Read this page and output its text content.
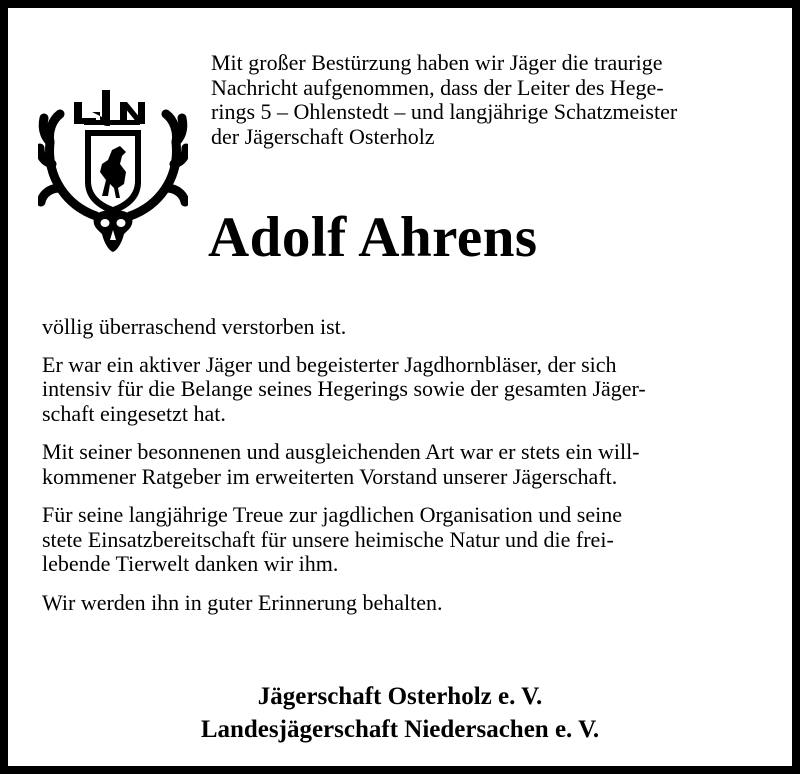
Mit großer Bestürzung haben wir Jäger die traurige
Nachricht aufgenommen, dass der Leiter des Hege-
rings 5 – Ohlenstedt – und langjährige Schatzmeister
der Jägerschaft Osterholz
Adolf Ahrens

völlig überraschend verstorben ist.

Er war ein aktiver Jäger und begeisterter Jagdhornbläser, der sich
intensiv für die Belange seines Hegerings sowie der gesamten Jäger-
schaft eingesetzt hat.

Mit seiner besonnenen und ausgleichenden Art war er stets ein will-
kommener Ratgeber im erweiterten Vorstand unserer Jägerschaft.

Für seine langjährige Treue zur jagdlichen Organisation und seine
stete Einsatzbereitschaft für unsere heimische Natur und die frei-
lebende Tierwelt danken wir ihm.

Wir werden ihn in guter Erinnerung behalten.

Jägerschaft Osterholz e. V.
Landesjägerschaft Niedersachen e. V.
